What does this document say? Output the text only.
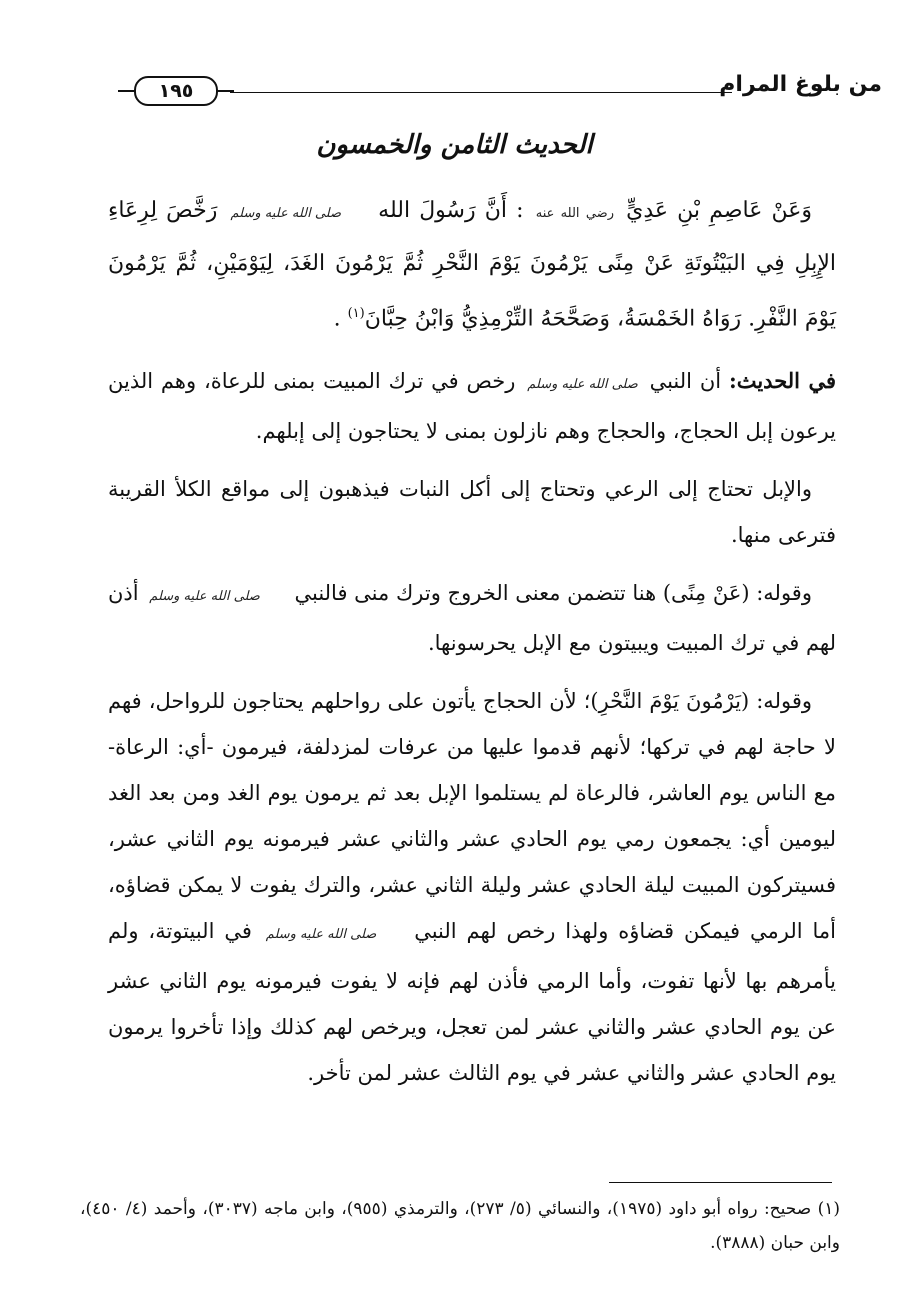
من بلوغ المرام
١٩٥
الحديث الثامن والخمسون

وَعَنْ عَاصِمِ بْنِ عَدِيٍّ رضي الله عنه : أَنَّ رَسُولَ الله صلى الله عليه وسلم رَخَّصَ لِرِعَاءِ الإِبِلِ فِي البَيْتُوتَةِ عَنْ مِنًى يَرْمُونَ يَوْمَ النَّحْرِ ثُمَّ يَرْمُونَ الغَدَ، لِيَوْمَيْنِ، ثُمَّ يَرْمُونَ يَوْمَ النَّفْرِ. رَوَاهُ الخَمْسَةُ، وَصَحَّحَهُ التِّرْمِذِيُّ وَابْنُ حِبَّانَ$^{(١)}$ .

في الحديث: أن النبي صلى الله عليه وسلم رخص في ترك المبيت بمنى للرعاة، وهم الذين يرعون إبل الحجاج، والحجاج وهم نازلون بمنى لا يحتاجون إلى إبلهم.

والإبل تحتاج إلى الرعي وتحتاج إلى أكل النبات فيذهبون إلى مواقع الكلأ القريبة فترعى منها.

وقوله: (عَنْ مِنًى) هنا تتضمن معنى الخروج وترك منى فالنبي صلى الله عليه وسلم أذن لهم في ترك المبيت ويبيتون مع الإبل يحرسونها.

وقوله: (يَرْمُونَ يَوْمَ النَّحْرِ)؛ لأن الحجاج يأتون على رواحلهم يحتاجون للرواحل، فهم لا حاجة لهم في تركها؛ لأنهم قدموا عليها من عرفات لمزدلفة، فيرمون -أي: الرعاة- مع الناس يوم العاشر، فالرعاة لم يستلموا الإبل بعد ثم يرمون يوم الغد ومن بعد الغد ليومين أي: يجمعون رمي يوم الحادي عشر والثاني عشر فيرمونه يوم الثاني عشر، فسيتركون المبيت ليلة الحادي عشر وليلة الثاني عشر، والترك يفوت لا يمكن قضاؤه، أما الرمي فيمكن قضاؤه ولهذا رخص لهم النبي صلى الله عليه وسلم في البيتوتة، ولم يأمرهم بها لأنها تفوت، وأما الرمي فأذن لهم فإنه لا يفوت فيرمونه يوم الثاني عشر عن يوم الحادي عشر والثاني عشر لمن تعجل، ويرخص لهم كذلك وإذا تأخروا يرمون يوم الحادي عشر والثاني عشر في يوم الثالث عشر لمن تأخر.

(١) صحيح: رواه أبو داود (١٩٧٥)، والنسائي (٥/ ٢٧٣)، والترمذي (٩٥٥)، وابن ماجه (٣٠٣٧)، وأحمد (٤/ ٤٥٠)، وابن حبان (٣٨٨٨).
